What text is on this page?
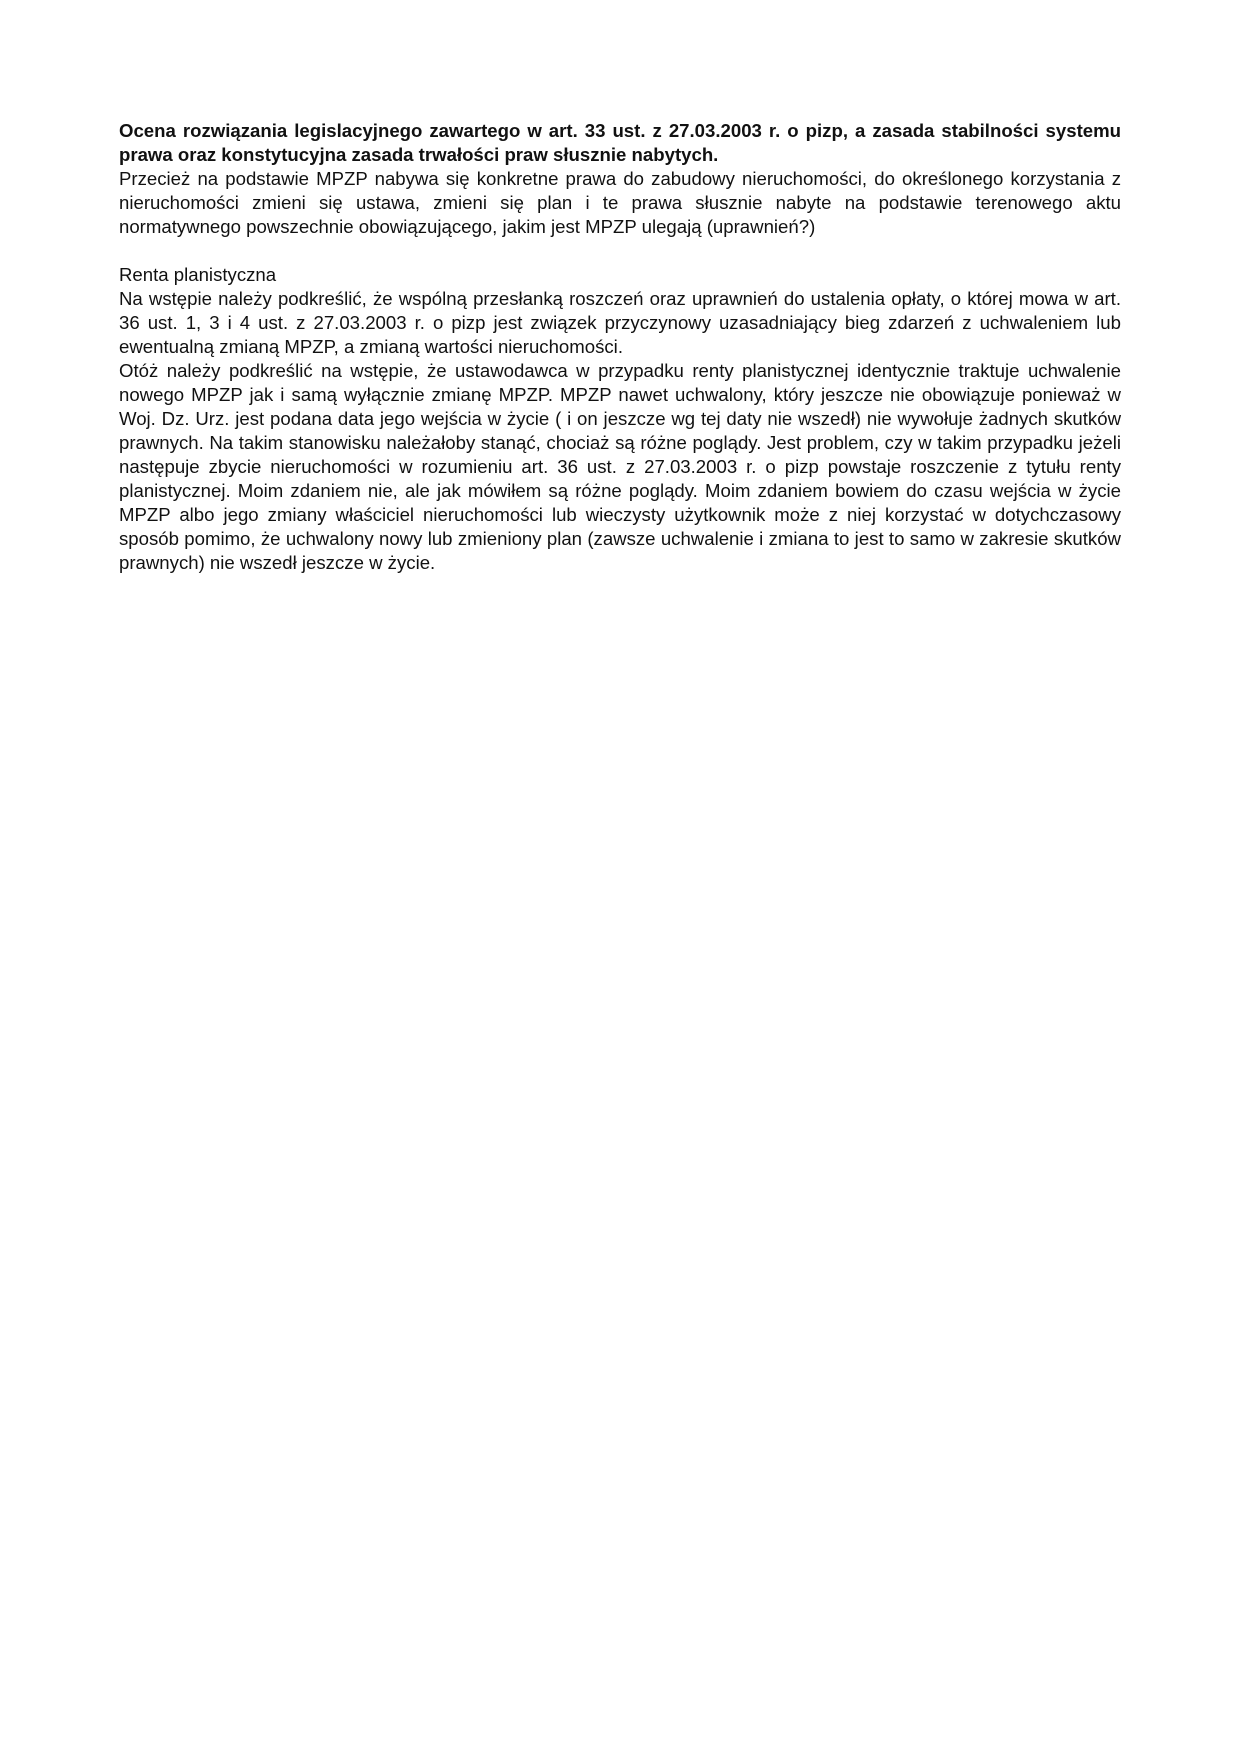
Ocena rozwiązania legislacyjnego zawartego w art. 33 ust. z 27.03.2003 r. o pizp, a zasada stabilności systemu prawa oraz konstytucyjna zasada trwałości praw słusznie nabytych.

Przecież na podstawie MPZP nabywa się konkretne prawa do zabudowy nieruchomości, do określonego korzystania z nieruchomości zmieni się ustawa, zmieni się plan i te prawa słusznie nabyte na podstawie terenowego aktu normatywnego powszechnie obowiązującego, jakim jest MPZP ulegają (uprawnień?)

Renta planistyczna

Na wstępie należy podkreślić, że wspólną przesłanką roszczeń oraz uprawnień do ustalenia opłaty, o której mowa w art. 36 ust. 1, 3 i 4 ust. z 27.03.2003 r. o pizp jest związek przyczynowy uzasadniający bieg zdarzeń z uchwaleniem lub ewentualną zmianą MPZP, a zmianą wartości nieruchomości.

Otóż należy podkreślić na wstępie, że ustawodawca w przypadku renty planistycznej identycznie traktuje uchwalenie nowego MPZP jak i samą wyłącznie zmianę MPZP. MPZP nawet uchwalony, który jeszcze nie obowiązuje ponieważ w Woj. Dz. Urz. jest podana data jego wejścia w życie ( i on jeszcze wg tej daty nie wszedł) nie wywołuje żadnych skutków prawnych. Na takim stanowisku należałoby stanąć, chociaż są różne poglądy. Jest problem, czy w takim przypadku jeżeli następuje zbycie nieruchomości w rozumieniu art. 36 ust. z 27.03.2003 r. o pizp powstaje roszczenie z tytułu renty planistycznej. Moim zdaniem nie, ale jak mówiłem są różne poglądy. Moim zdaniem bowiem do czasu wejścia w życie MPZP albo jego zmiany właściciel nieruchomości lub wieczysty użytkownik może z niej korzystać w dotychczasowy sposób pomimo, że uchwalony nowy lub zmieniony plan (zawsze uchwalenie i zmiana to jest to samo w zakresie skutków prawnych) nie wszedł jeszcze w życie.
